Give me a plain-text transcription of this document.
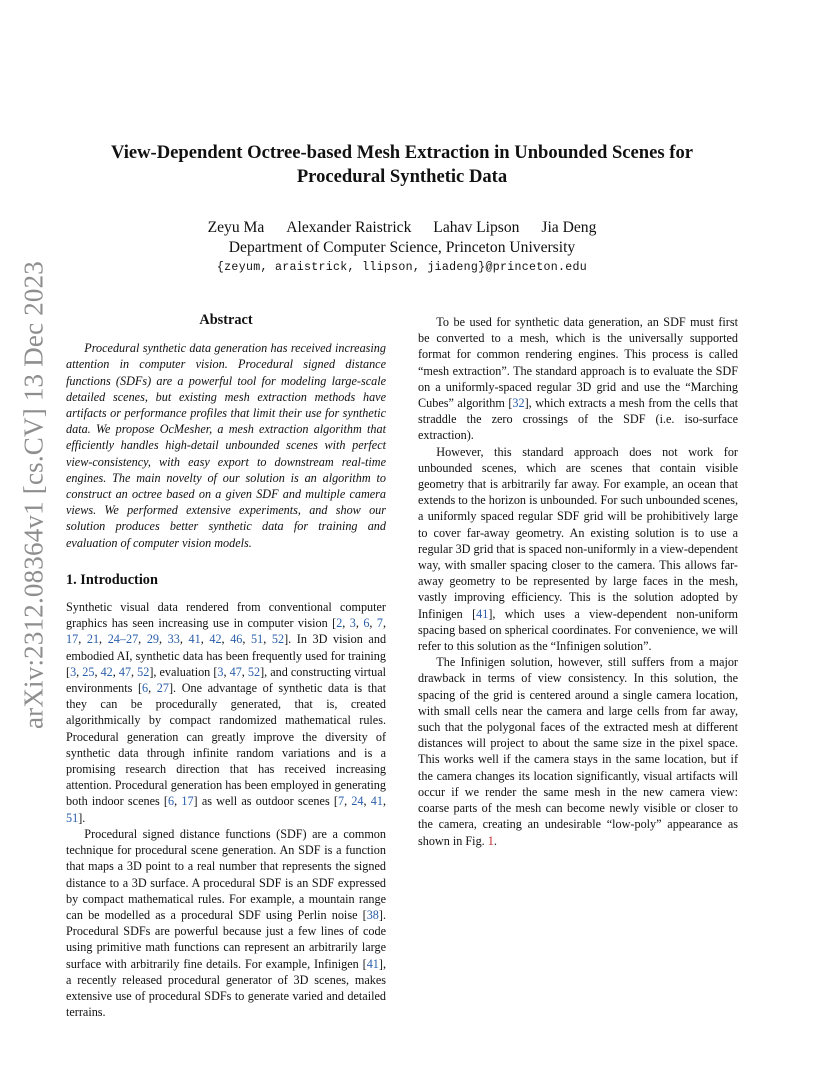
arXiv:2312.08364v1 [cs.CV] 13 Dec 2023
View-Dependent Octree-based Mesh Extraction in Unbounded Scenes for Procedural Synthetic Data
Zeyu Ma Alexander Raistrick Lahav Lipson Jia Deng
Department of Computer Science, Princeton University
{zeyum, araistrick, llipson, jiadeng}@princeton.edu
Abstract

Procedural synthetic data generation has received increasing attention in computer vision. Procedural signed distance functions (SDFs) are a powerful tool for modeling large-scale detailed scenes, but existing mesh extraction methods have artifacts or performance profiles that limit their use for synthetic data. We propose OcMesher, a mesh extraction algorithm that efficiently handles high-detail unbounded scenes with perfect view-consistency, with easy export to downstream real-time engines. The main novelty of our solution is an algorithm to construct an octree based on a given SDF and multiple camera views. We performed extensive experiments, and show our solution produces better synthetic data for training and evaluation of computer vision models.

1. Introduction

Synthetic visual data rendered from conventional computer graphics has seen increasing use in computer vision [2, 3, 6, 7, 17, 21, 24–27, 29, 33, 41, 42, 46, 51, 52]. In 3D vision and embodied AI, synthetic data has been frequently used for training [3, 25, 42, 47, 52], evaluation [3, 47, 52], and constructing virtual environments [6, 27]. One advantage of synthetic data is that they can be procedurally generated, that is, created algorithmically by compact randomized mathematical rules. Procedural generation can greatly improve the diversity of synthetic data through infinite random variations and is a promising research direction that has received increasing attention. Procedural generation has been employed in generating both indoor scenes [6, 17] as well as outdoor scenes [7, 24, 41, 51].

Procedural signed distance functions (SDF) are a common technique for procedural scene generation. An SDF is a function that maps a 3D point to a real number that represents the signed distance to a 3D surface. A procedural SDF is an SDF expressed by compact mathematical rules. For example, a mountain range can be modelled as a procedural SDF using Perlin noise [38]. Procedural SDFs are powerful because just a few lines of code using primitive math functions can represent an arbitrarily large surface with arbitrarily fine details. For example, Infinigen [41], a recently released procedural generator of 3D scenes, makes extensive use of procedural SDFs to generate varied and detailed terrains.

To be used for synthetic data generation, an SDF must first be converted to a mesh, which is the universally supported format for common rendering engines. This process is called “mesh extraction”. The standard approach is to evaluate the SDF on a uniformly-spaced regular 3D grid and use the “Marching Cubes” algorithm [32], which extracts a mesh from the cells that straddle the zero crossings of the SDF (i.e. iso-surface extraction).

However, this standard approach does not work for unbounded scenes, which are scenes that contain visible geometry that is arbitrarily far away. For example, an ocean that extends to the horizon is unbounded. For such unbounded scenes, a uniformly spaced regular SDF grid will be prohibitively large to cover far-away geometry. An existing solution is to use a regular 3D grid that is spaced non-uniformly in a view-dependent way, with smaller spacing closer to the camera. This allows far-away geometry to be represented by large faces in the mesh, vastly improving efficiency. This is the solution adopted by Infinigen [41], which uses a view-dependent non-uniform spacing based on spherical coordinates. For convenience, we will refer to this solution as the “Infinigen solution”.

The Infinigen solution, however, still suffers from a major drawback in terms of view consistency. In this solution, the spacing of the grid is centered around a single camera location, with small cells near the camera and large cells from far away, such that the polygonal faces of the extracted mesh at different distances will project to about the same size in the pixel space. This works well if the camera stays in the same location, but if the camera changes its location significantly, visual artifacts will occur if we render the same mesh in the new camera view: coarse parts of the mesh can become newly visible or closer to the camera, creating an undesirable “low-poly” appearance as shown in Fig. 1.
